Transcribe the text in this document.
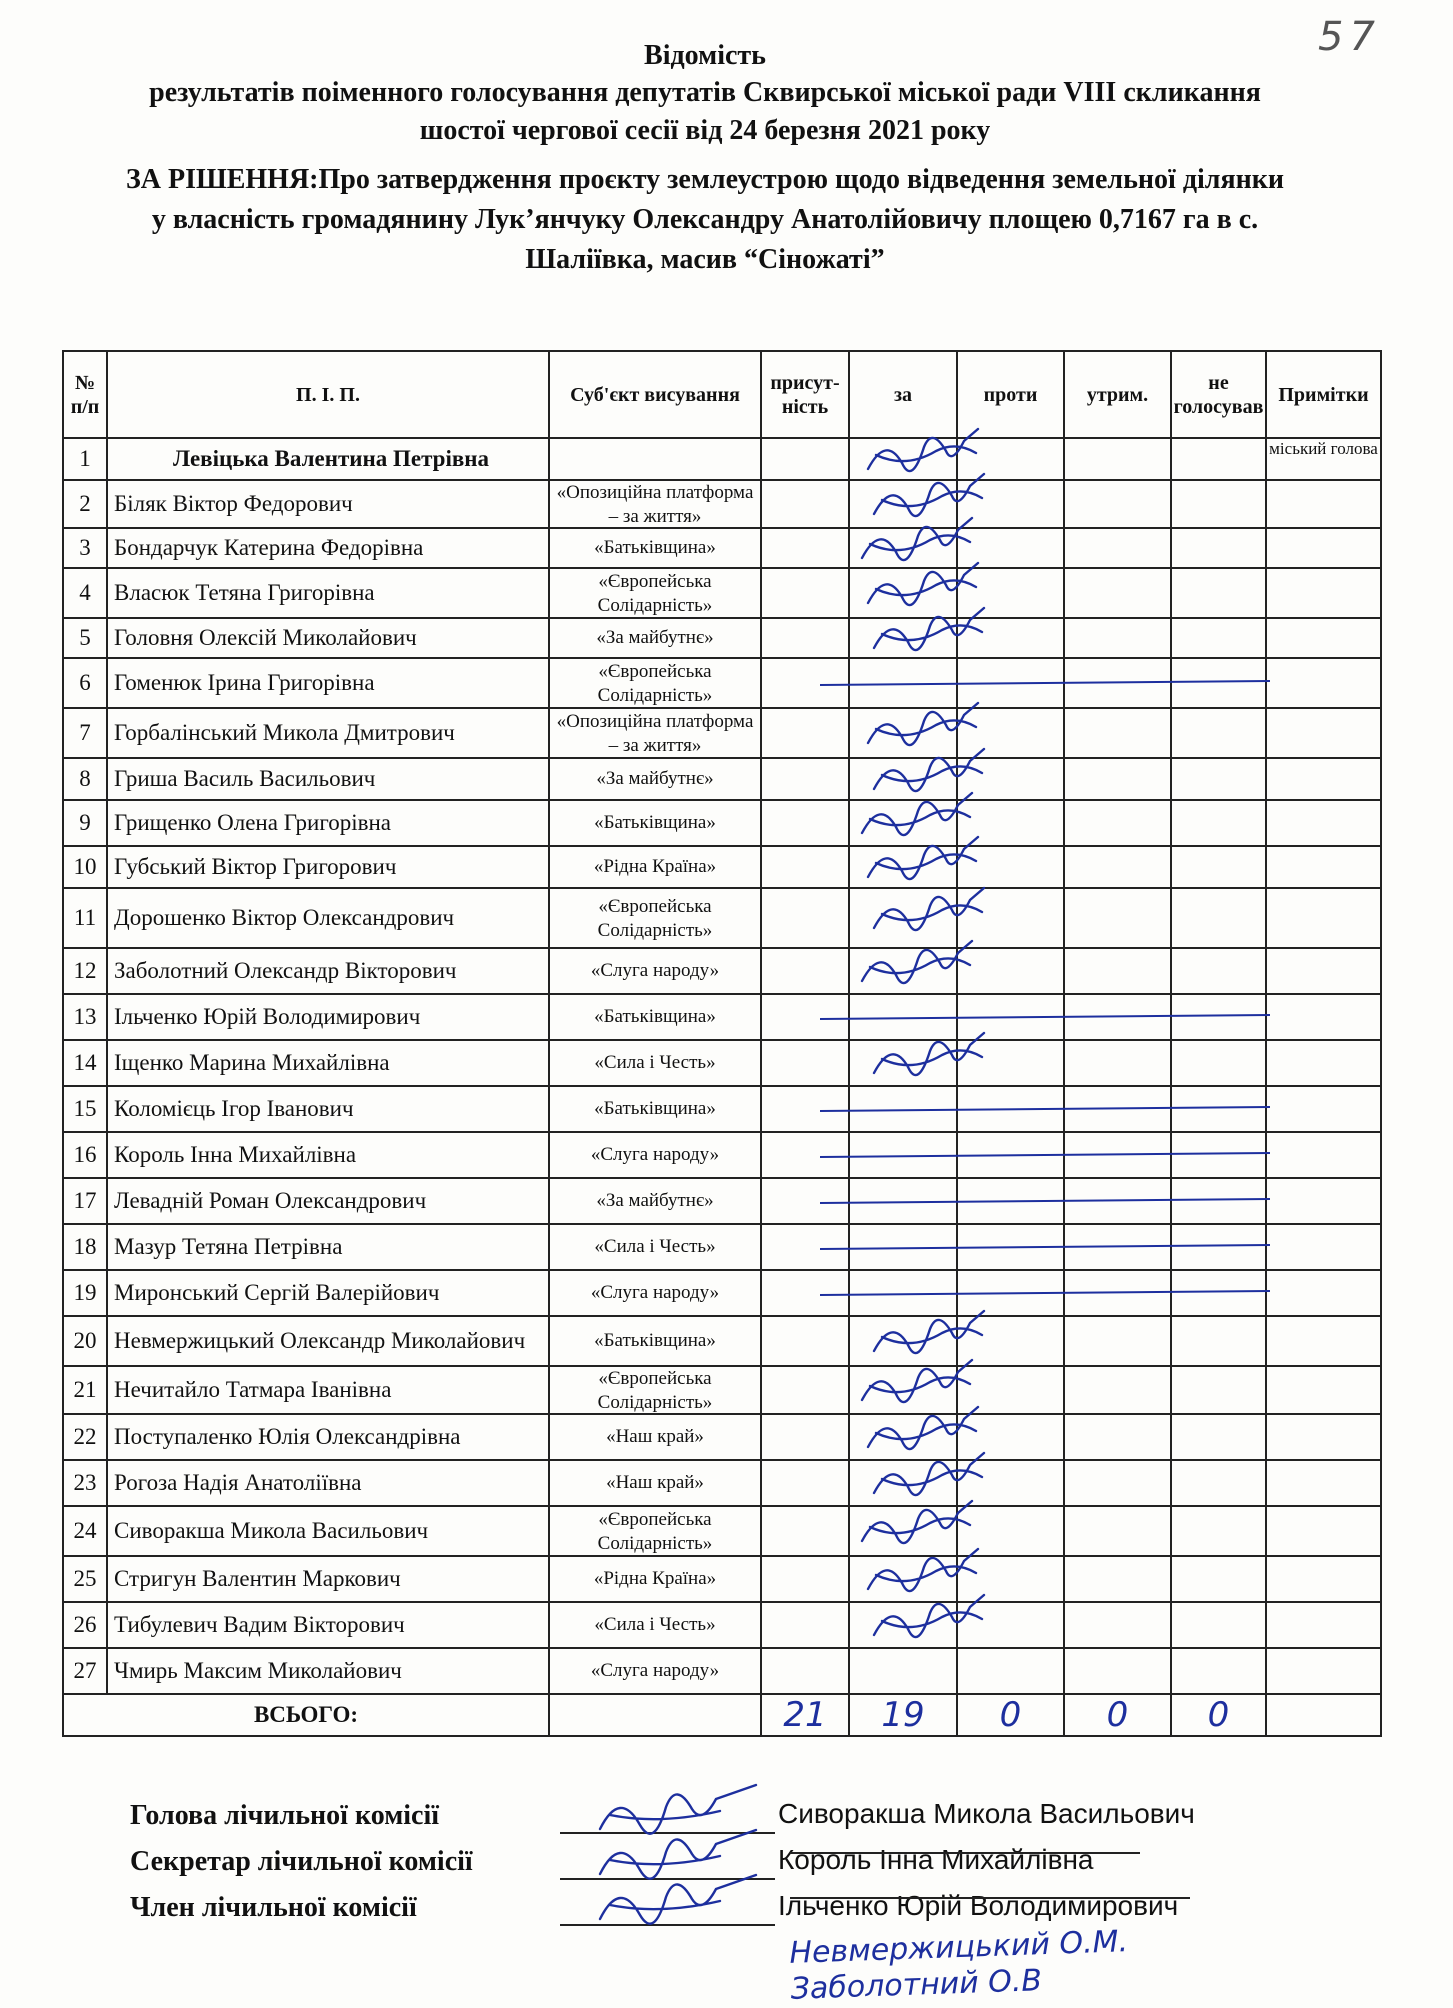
57
Відомість
результатів поіменного голосування депутатів Сквирської міської ради VIII скликання
шостої чергової сесії від 24 березня 2021 року
ЗА РІШЕННЯ:Про затвердження проєкту землеустрою щодо відведення земельної ділянки
у власність громадянину Лук’янчуку Олександру Анатолійовичу площею 0,7167 га в с.
Шаліївка, масив “Сіножаті”
№ п/п	П. І. П.	Суб'єкт висування	присут-ність	за	проти	утрим.	не голосував	Примітки
1	Левіцька Валентина Петрівна							міський голова

2	Біляк Віктор Федорович	«Опозиційна платформа – за життя»						

3	Бондарчук Катерина Федорівна	«Батьківщина»						

4	Власюк Тетяна Григорівна	«Європейська Солідарність»						

5	Головня Олексій Миколайович	«За майбутнє»						

6	Гоменюк Ірина Григорівна	«Європейська Солідарність»						

7	Горбалінський Микола Дмитрович	«Опозиційна платформа – за життя»						

8	Гриша Василь Васильович	«За майбутнє»						

9	Грищенко Олена Григорівна	«Батьківщина»						

10	Губський Віктор Григорович	«Рідна Країна»						

11	Дорошенко Віктор Олександрович	«Європейська Солідарність»						

12	Заболотний Олександр Вікторович	«Слуга народу»						

13	Ільченко Юрій Володимирович	«Батьківщина»						

14	Іщенко Марина Михайлівна	«Сила і Честь»						

15	Коломієць Ігор Іванович	«Батьківщина»						

16	Король Інна Михайлівна	«Слуга народу»						

17	Левадній Роман Олександрович	«За майбутнє»						

18	Мазур Тетяна Петрівна	«Сила і Честь»						

19	Миронський Сергій Валерійович	«Слуга народу»						

20	Невмержицький Олександр Миколайович	«Батьківщина»						

21	Нечитайло Татмара Іванівна	«Європейська Солідарність»						

22	Поступаленко Юлія Олександрівна	«Наш край»						

23	Рогоза Надія Анатоліївна	«Наш край»						

24	Сиворакша Микола Васильович	«Європейська Солідарність»						

25	Стригун Валентин Маркович	«Рідна Країна»						

26	Тибулевич Вадим Вікторович	«Сила і Честь»						

27	Чмирь Максим Миколайович	«Слуга народу»						

ВСЬОГО:			21	19	0	0	0	
Голова лічильної комісії	Сиворакша Микола Васильович
Секретар лічильної комісії	Король Інна Михайлівна
Член лічильної комісії	Ільченко Юрій Володимирович
Невмержицький О.М.
Заболотний О.В
